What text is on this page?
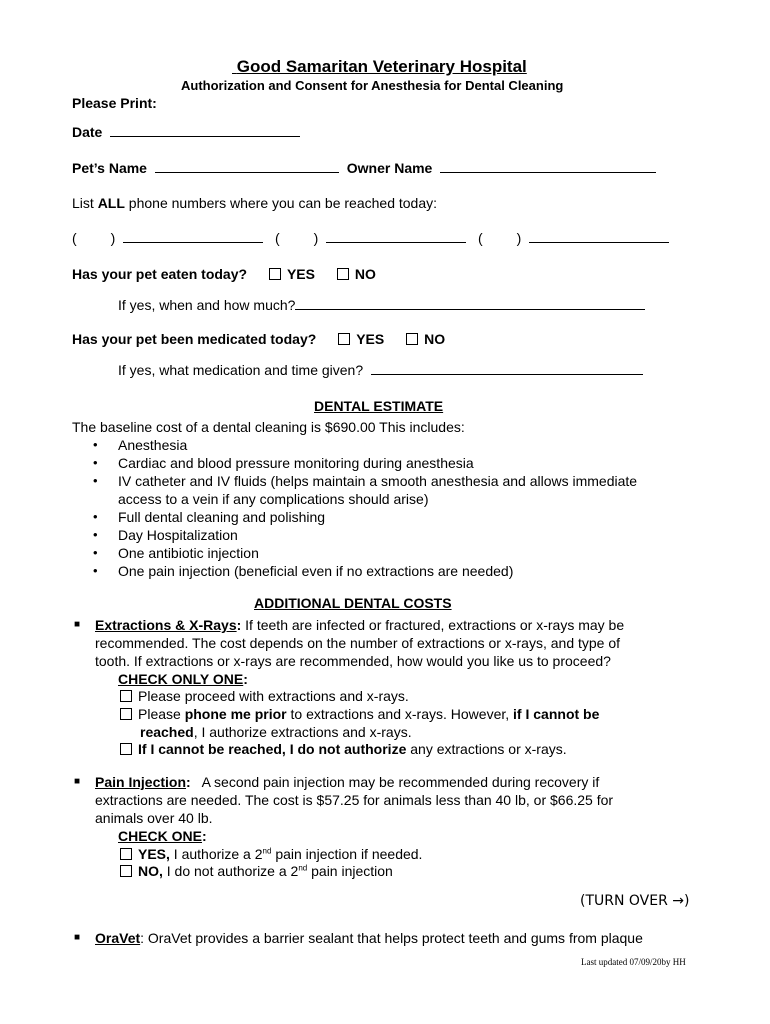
Good Samaritan Veterinary Hospital
Authorization and Consent for Anesthesia for Dental Cleaning
Please Print:
Date
Pet’s Name	Owner Name
List ALL phone numbers where you can be reached today:
( )	( )	( )
Has your pet eaten today?	YES	NO
If yes, when and how much?
Has your pet been medicated today?	YES	NO
If yes, what medication and time given?
DENTAL ESTIMATE
The baseline cost of a dental cleaning is $690.00 This includes:
• Anesthesia
• Cardiac and blood pressure monitoring during anesthesia
• IV catheter and IV fluids (helps maintain a smooth anesthesia and allows immediate
access to a vein if any complications should arise)
• Full dental cleaning and polishing
• Day Hospitalization
• One antibiotic injection
• One pain injection (beneficial even if no extractions are needed)
ADDITIONAL DENTAL COSTS
■ Extractions & X-Rays: If teeth are infected or fractured, extractions or x-rays may be
recommended. The cost depends on the number of extractions or x-rays, and type of
tooth. If extractions or x-rays are recommended, how would you like us to proceed?
CHECK ONLY ONE:
Please proceed with extractions and x-rays.
Please phone me prior to extractions and x-rays. However, if I cannot be
reached, I authorize extractions and x-rays.
If I cannot be reached, I do not authorize any extractions or x-rays.
■ Pain Injection:   A second pain injection may be recommended during recovery if
extractions are needed. The cost is $57.25 for animals less than 40 lb, or $66.25 for
animals over 40 lb.
CHECK ONE:
YES, I authorize a 2nd pain injection if needed.
NO, I do not authorize a 2nd pain injection
(TURN OVER →)
■ OraVet: OraVet provides a barrier sealant that helps protect teeth and gums from plaque
Last updated 07/09/20by HH
